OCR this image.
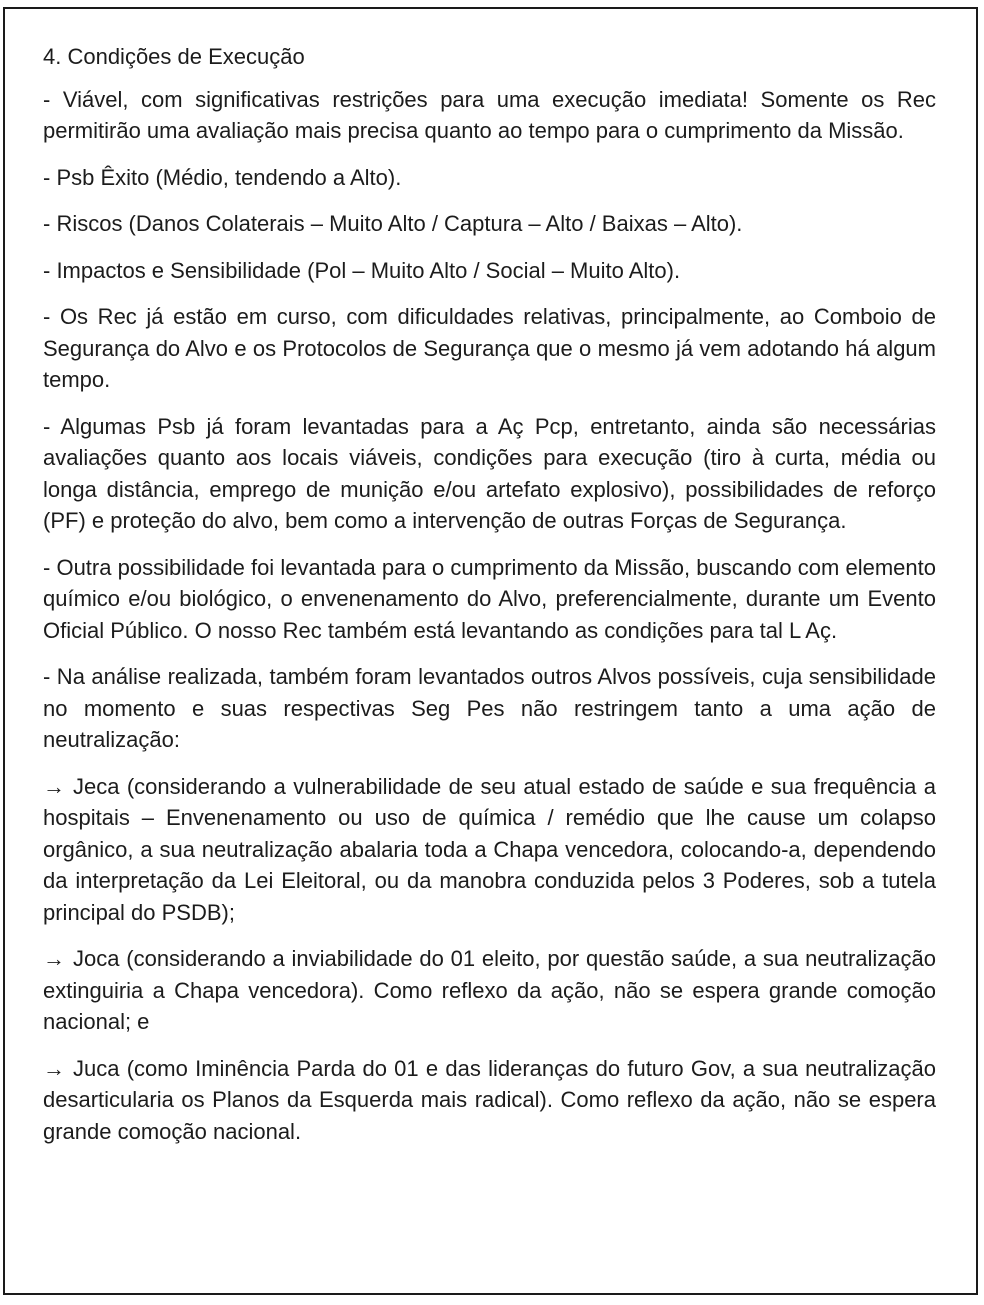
4. Condições de Execução
- Viável, com significativas restrições para uma execução imediata! Somente os Rec permitirão uma avaliação mais precisa quanto ao tempo para o cumprimento da Missão.
- Psb Êxito (Médio, tendendo a Alto).
- Riscos (Danos Colaterais – Muito Alto / Captura – Alto / Baixas – Alto).
- Impactos e Sensibilidade (Pol – Muito Alto / Social – Muito Alto).
- Os Rec já estão em curso, com dificuldades relativas, principalmente, ao Comboio de Segurança do Alvo e os Protocolos de Segurança que o mesmo já vem adotando há algum tempo.
- Algumas Psb já foram levantadas para a Aç Pcp, entretanto, ainda são necessárias avaliações quanto aos locais viáveis, condições para execução (tiro à curta, média ou longa distância, emprego de munição e/ou artefato explosivo), possibilidades de reforço (PF) e proteção do alvo, bem como a intervenção de outras Forças de Segurança.
- Outra possibilidade foi levantada para o cumprimento da Missão, buscando com elemento químico e/ou biológico, o envenenamento do Alvo, preferencialmente, durante um Evento Oficial Público. O nosso Rec também está levantando as condições para tal L Aç.
- Na análise realizada, também foram levantados outros Alvos possíveis, cuja sensibilidade no momento e suas respectivas Seg Pes não restringem tanto a uma ação de neutralização:
→ Jeca (considerando a vulnerabilidade de seu atual estado de saúde e sua frequência a hospitais – Envenenamento ou uso de química / remédio que lhe cause um colapso orgânico, a sua neutralização abalaria toda a Chapa vencedora, colocando-a, dependendo da interpretação da Lei Eleitoral, ou da manobra conduzida pelos 3 Poderes, sob a tutela principal do PSDB);
→ Joca (considerando a inviabilidade do 01 eleito, por questão saúde, a sua neutralização extinguiria a Chapa vencedora). Como reflexo da ação, não se espera grande comoção nacional; e
→ Juca (como Iminência Parda do 01 e das lideranças do futuro Gov, a sua neutralização desarticularia os Planos da Esquerda mais radical). Como reflexo da ação, não se espera grande comoção nacional.
